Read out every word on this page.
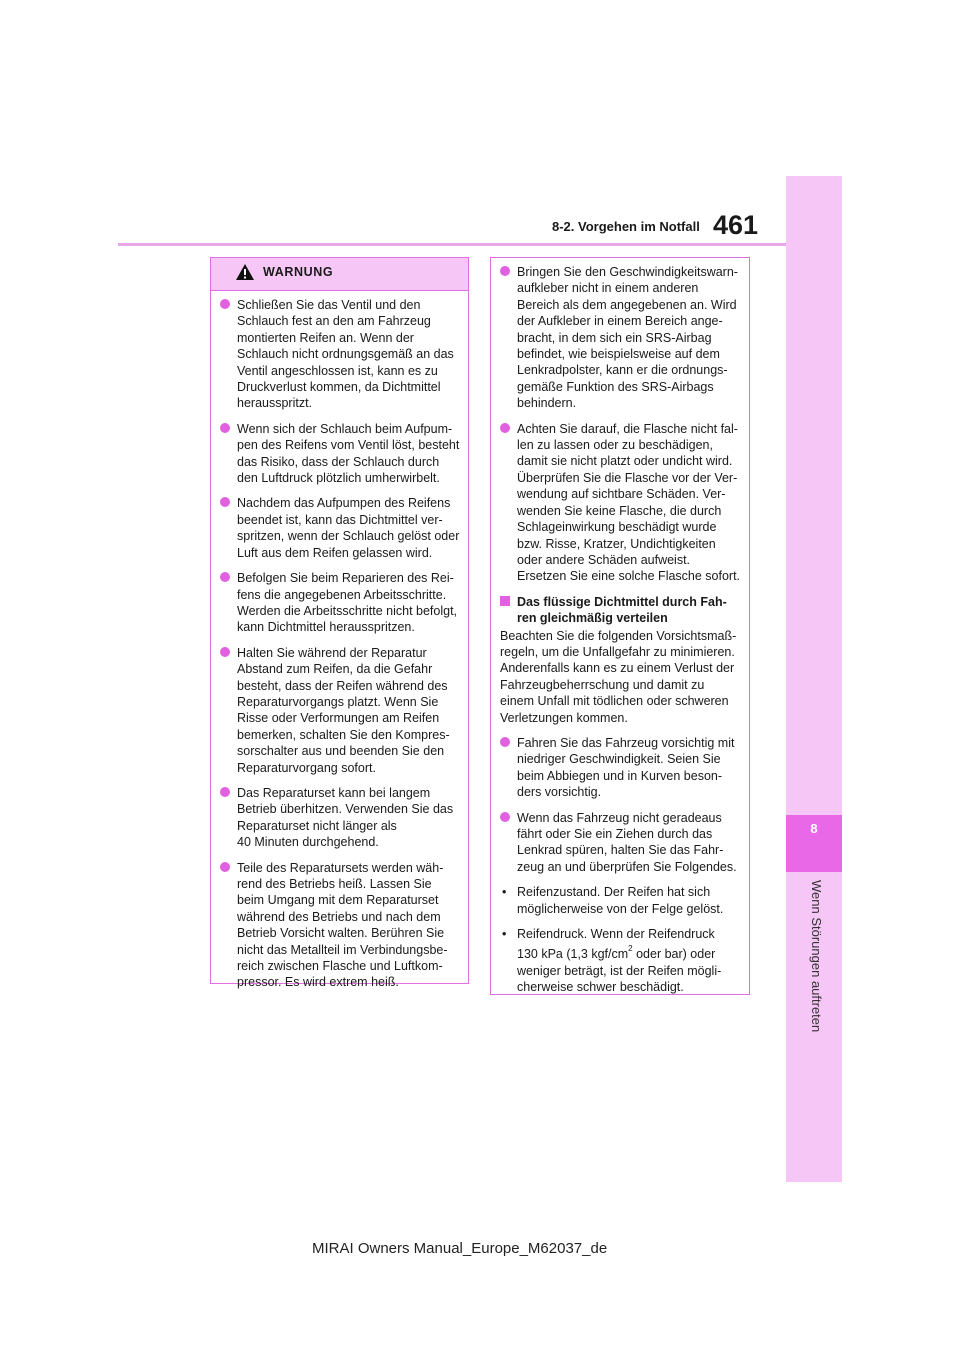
8-2. Vorgehen im Notfall 461
8
Wenn Störungen auftreten
WARNUNG
Schließen Sie das Ventil und den
Schlauch fest an den am Fahrzeug
montierten Reifen an. Wenn der
Schlauch nicht ordnungsgemäß an das
Ventil angeschlossen ist, kann es zu
Druckverlust kommen, da Dichtmittel
herausspritzt.
Wenn sich der Schlauch beim Aufpum-
pen des Reifens vom Ventil löst, besteht
das Risiko, dass der Schlauch durch
den Luftdruck plötzlich umherwirbelt.
Nachdem das Aufpumpen des Reifens
beendet ist, kann das Dichtmittel ver-
spritzen, wenn der Schlauch gelöst oder
Luft aus dem Reifen gelassen wird.
Befolgen Sie beim Reparieren des Rei-
fens die angegebenen Arbeitsschritte.
Werden die Arbeitsschritte nicht befolgt,
kann Dichtmittel herausspritzen.
Halten Sie während der Reparatur
Abstand zum Reifen, da die Gefahr
besteht, dass der Reifen während des
Reparaturvorgangs platzt. Wenn Sie
Risse oder Verformungen am Reifen
bemerken, schalten Sie den Kompres-
sorschalter aus und beenden Sie den
Reparaturvorgang sofort.
Das Reparaturset kann bei langem
Betrieb überhitzen. Verwenden Sie das
Reparaturset nicht länger als
40 Minuten durchgehend.
Teile des Reparatursets werden wäh-
rend des Betriebs heiß. Lassen Sie
beim Umgang mit dem Reparaturset
während des Betriebs und nach dem
Betrieb Vorsicht walten. Berühren Sie
nicht das Metallteil im Verbindungsbe-
reich zwischen Flasche und Luftkom-
pressor. Es wird extrem heiß.
Bringen Sie den Geschwindigkeitswarn-
aufkleber nicht in einem anderen
Bereich als dem angegebenen an. Wird
der Aufkleber in einem Bereich ange-
bracht, in dem sich ein SRS-Airbag
befindet, wie beispielsweise auf dem
Lenkradpolster, kann er die ordnungs-
gemäße Funktion des SRS-Airbags
behindern.
Achten Sie darauf, die Flasche nicht fal-
len zu lassen oder zu beschädigen,
damit sie nicht platzt oder undicht wird.
Überprüfen Sie die Flasche vor der Ver-
wendung auf sichtbare Schäden. Ver-
wenden Sie keine Flasche, die durch
Schlageinwirkung beschädigt wurde
bzw. Risse, Kratzer, Undichtigkeiten
oder andere Schäden aufweist. Ersetzen Sie eine solche Flasche sofort.
Das flüssige Dichtmittel durch Fah-
ren gleichmäßig verteilen
Beachten Sie die folgenden Vorsichtsmaß-
regeln, um die Unfallgefahr zu minimieren.
Anderenfalls kann es zu einem Verlust der
Fahrzeugbeherrschung und damit zu
einem Unfall mit tödlichen oder schweren
Verletzungen kommen.
Fahren Sie das Fahrzeug vorsichtig mit
niedriger Geschwindigkeit. Seien Sie
beim Abbiegen und in Kurven beson-
ders vorsichtig.
Wenn das Fahrzeug nicht geradeaus
fährt oder Sie ein Ziehen durch das
Lenkrad spüren, halten Sie das Fahr-
zeug an und überprüfen Sie Folgendes.
• Reifenzustand. Der Reifen hat sich
möglicherweise von der Felge gelöst.
• Reifendruck. Wenn der Reifendruck
130 kPa (1,3 kgf/$cm^2$ oder bar) oder
weniger beträgt, ist der Reifen mögli-
cherweise schwer beschädigt.
MIRAI Owners Manual_Europe_M62037_de
